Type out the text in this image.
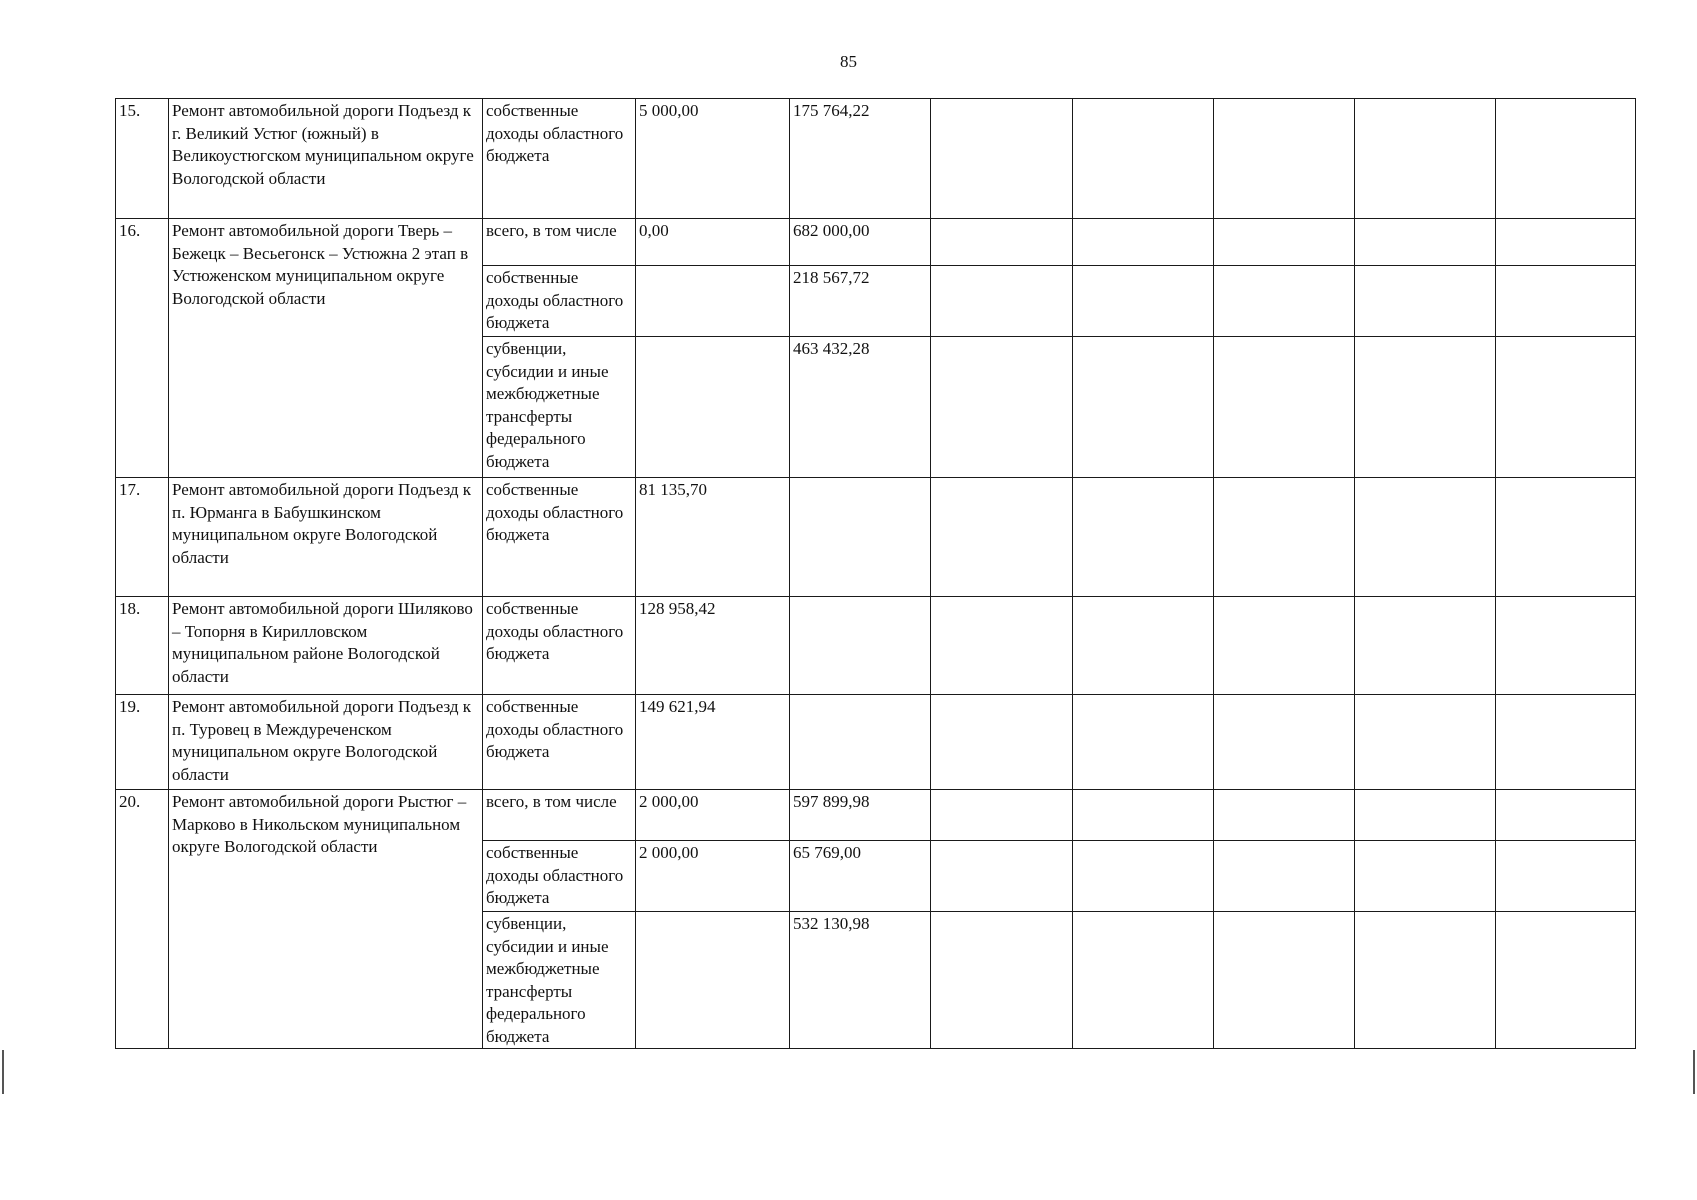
85
15.	Ремонт автомобильной дороги Подъезд к г. Великий Устюг (южный) в Великоустюгском муниципальном округе Вологодской области	собственные доходы областного бюджета	5 000,00	175 764,22						
16.	Ремонт автомобильной дороги Тверь – Бежецк – Весьегонск – Устюжна 2 этап в Устюженском муниципальном округе Вологодской области	всего, в том числе	0,00	682 000,00						
		собственные доходы областного бюджета		218 567,72						
		субвенции, субсидии и иные межбюджетные трансферты федерального бюджета		463 432,28						
17.	Ремонт автомобильной дороги Подъезд к п. Юрманга в Бабушкинском муниципальном округе Вологодской области	собственные доходы областного бюджета	81 135,70							
18.	Ремонт автомобильной дороги Шиляково – Топорня в Кирилловском муниципальном районе Вологодской области	собственные доходы областного бюджета	128 958,42							
19.	Ремонт автомобильной дороги Подъезд к п. Туровец в Междуреченском муниципальном округе Вологодской области	собственные доходы областного бюджета	149 621,94							
20.	Ремонт автомобильной дороги Рыстюг – Марково в Никольском муниципальном округе Вологодской области	всего, в том числе	2 000,00	597 899,98						
		собственные доходы областного бюджета	2 000,00	65 769,00						
		субвенции, субсидии и иные межбюджетные трансферты федерального бюджета		532 130,98						
